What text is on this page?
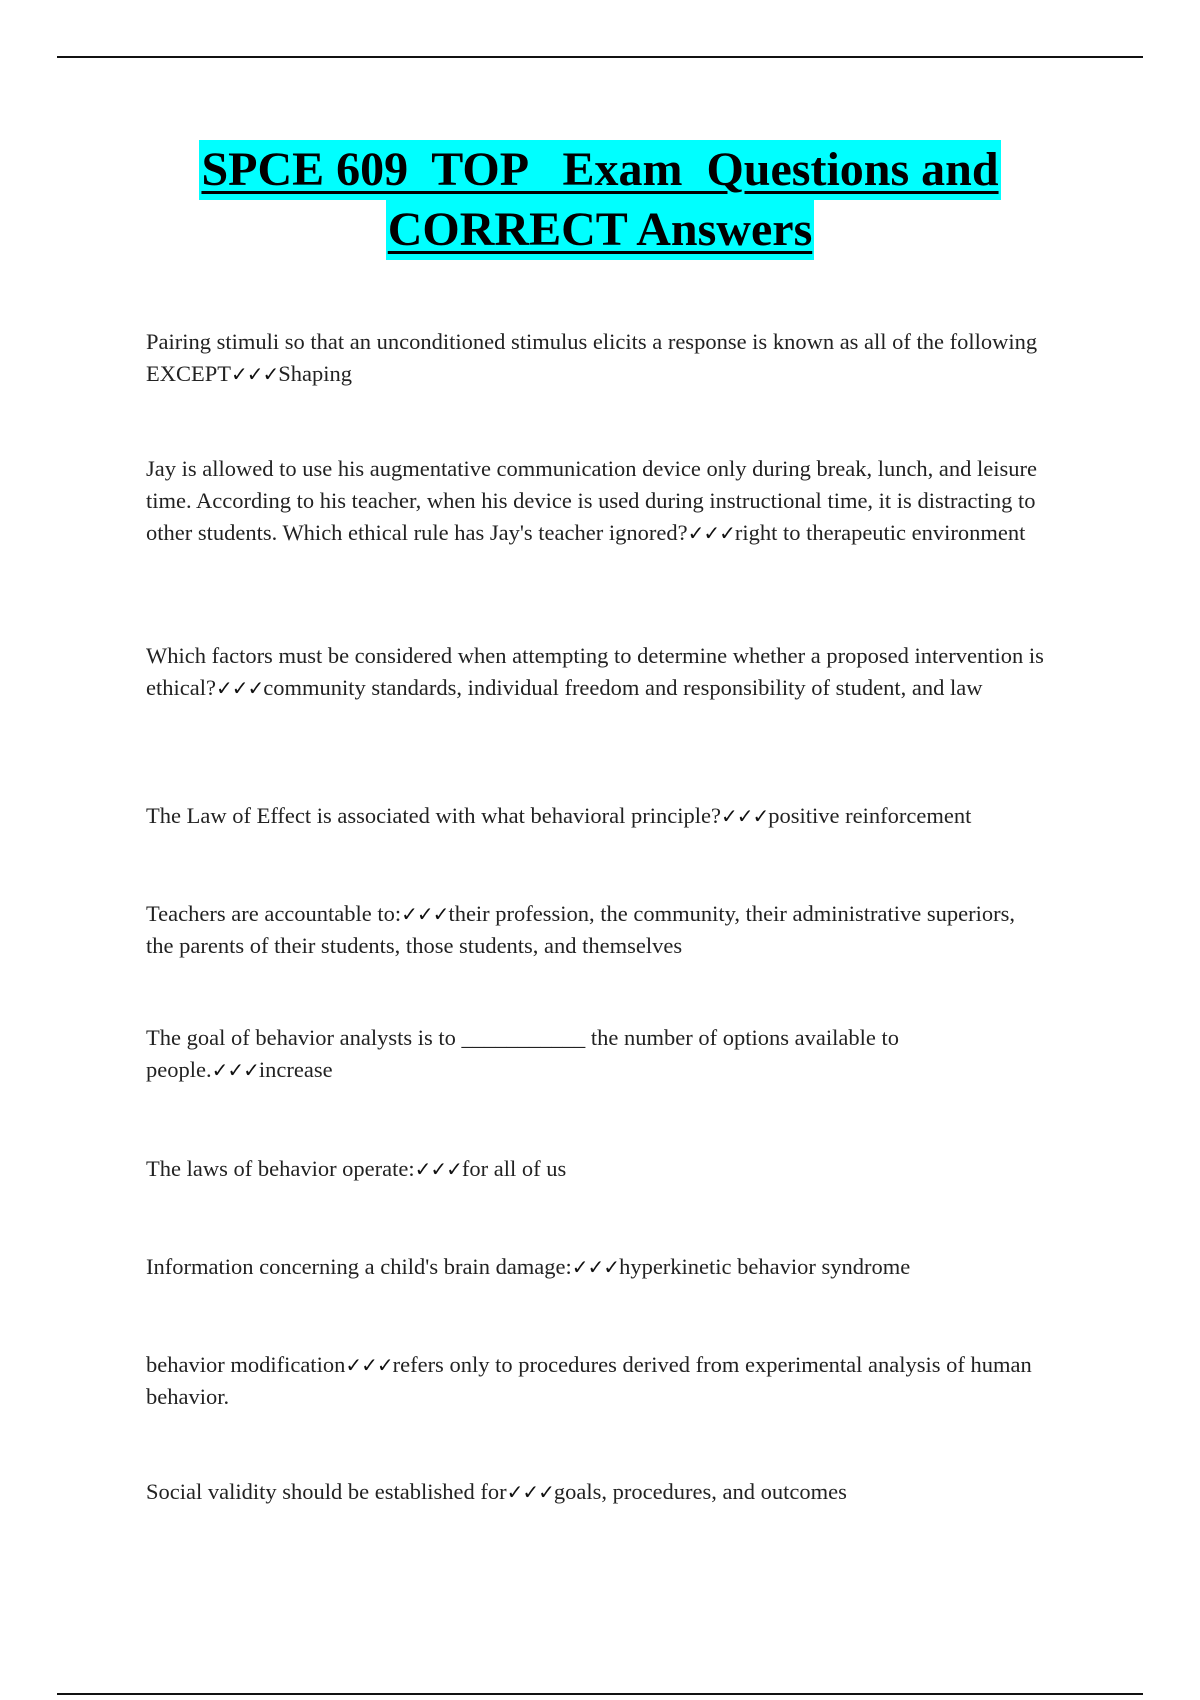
SPCE 609  TOP   Exam  Questions and
CORRECT Answers

Pairing stimuli so that an unconditioned stimulus elicits a response is known as all of the following EXCEPT✓✓✓Shaping

Jay is allowed to use his augmentative communication device only during break, lunch, and leisure time. According to his teacher, when his device is used during instructional time, it is distracting to other students. Which ethical rule has Jay's teacher ignored?✓✓✓right to therapeutic environment

Which factors must be considered when attempting to determine whether a proposed intervention is ethical?✓✓✓community standards, individual freedom and responsibility of student, and law

The Law of Effect is associated with what behavioral principle?✓✓✓positive reinforcement

Teachers are accountable to:✓✓✓their profession, the community, their administrative superiors, the parents of their students, those students, and themselves

The goal of behavior analysts is to ___________ the number of options available to people.✓✓✓increase

The laws of behavior operate:✓✓✓for all of us

Information concerning a child's brain damage:✓✓✓hyperkinetic behavior syndrome

behavior modification✓✓✓refers only to procedures derived from experimental analysis of human behavior.

Social validity should be established for✓✓✓goals, procedures, and outcomes
